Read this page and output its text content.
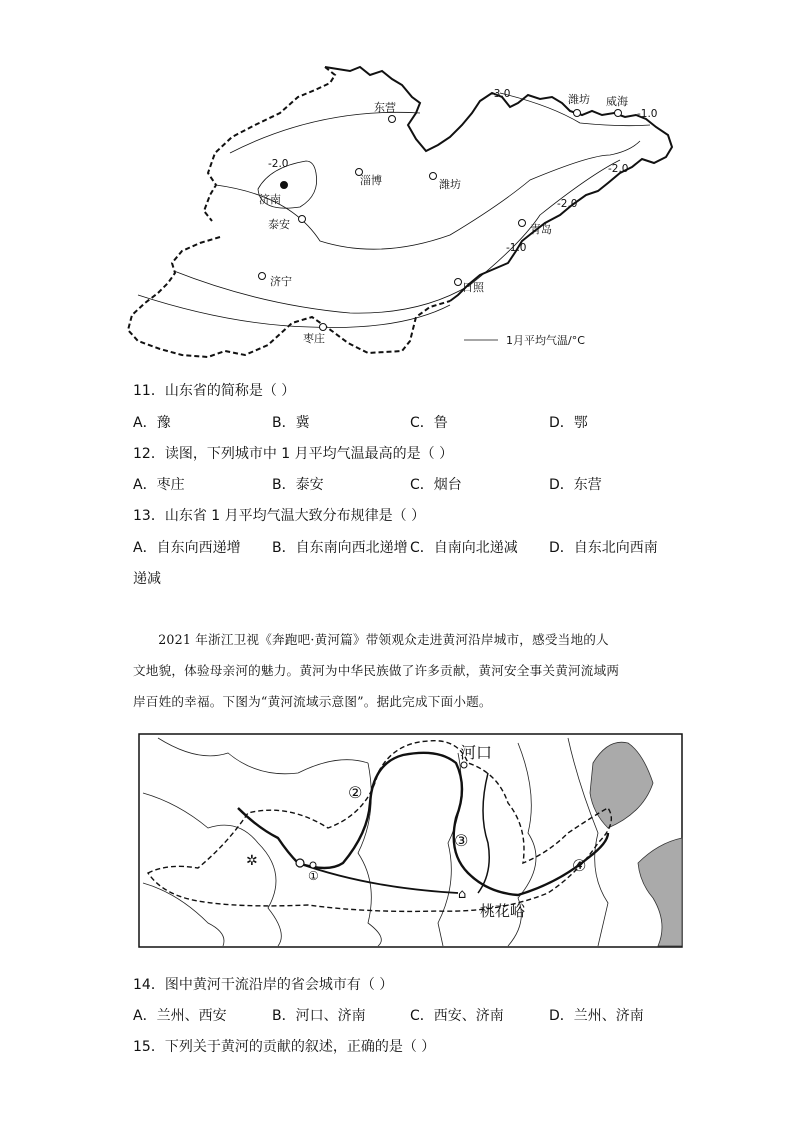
东营
淄博	潍坊
济南
泰安
济宁
枣庄
日照
青岛
潍坊 威海
-3.0
-2.0	-2.0
-2.0
-1.0
-1.0
1月平均气温/°C
11．山东省的简称是（ ）
A．豫	B．冀	C．鲁	D．鄂
12．读图，下列城市中 1 月平均气温最高的是（ ）
A．枣庄	B．泰安	C．烟台	D．东营
13．山东省 1 月平均气温大致分布规律是（ ）
A．自东向西递增 B．自东南向西北递增 C．自南向北递减 D．自东北向西南
递减
2021 年浙江卫视《奔跑吧·黄河篇》带领观众走进黄河沿岸城市，感受当地的人
文地貌，体验母亲河的魅力。黄河为中华民族做了许多贡献，黄河安全事关黄河流域两
岸百姓的幸福。下图为“黄河流域示意图”。据此完成下面小题。
✲
⌂
河口
②
③
①
④
桃花峪
14．图中黄河干流沿岸的省会城市有（ ）
A．兰州、西安	B．河口、济南	C．西安、济南	D．兰州、济南
15．下列关于黄河的贡献的叙述，正确的是（ ）
